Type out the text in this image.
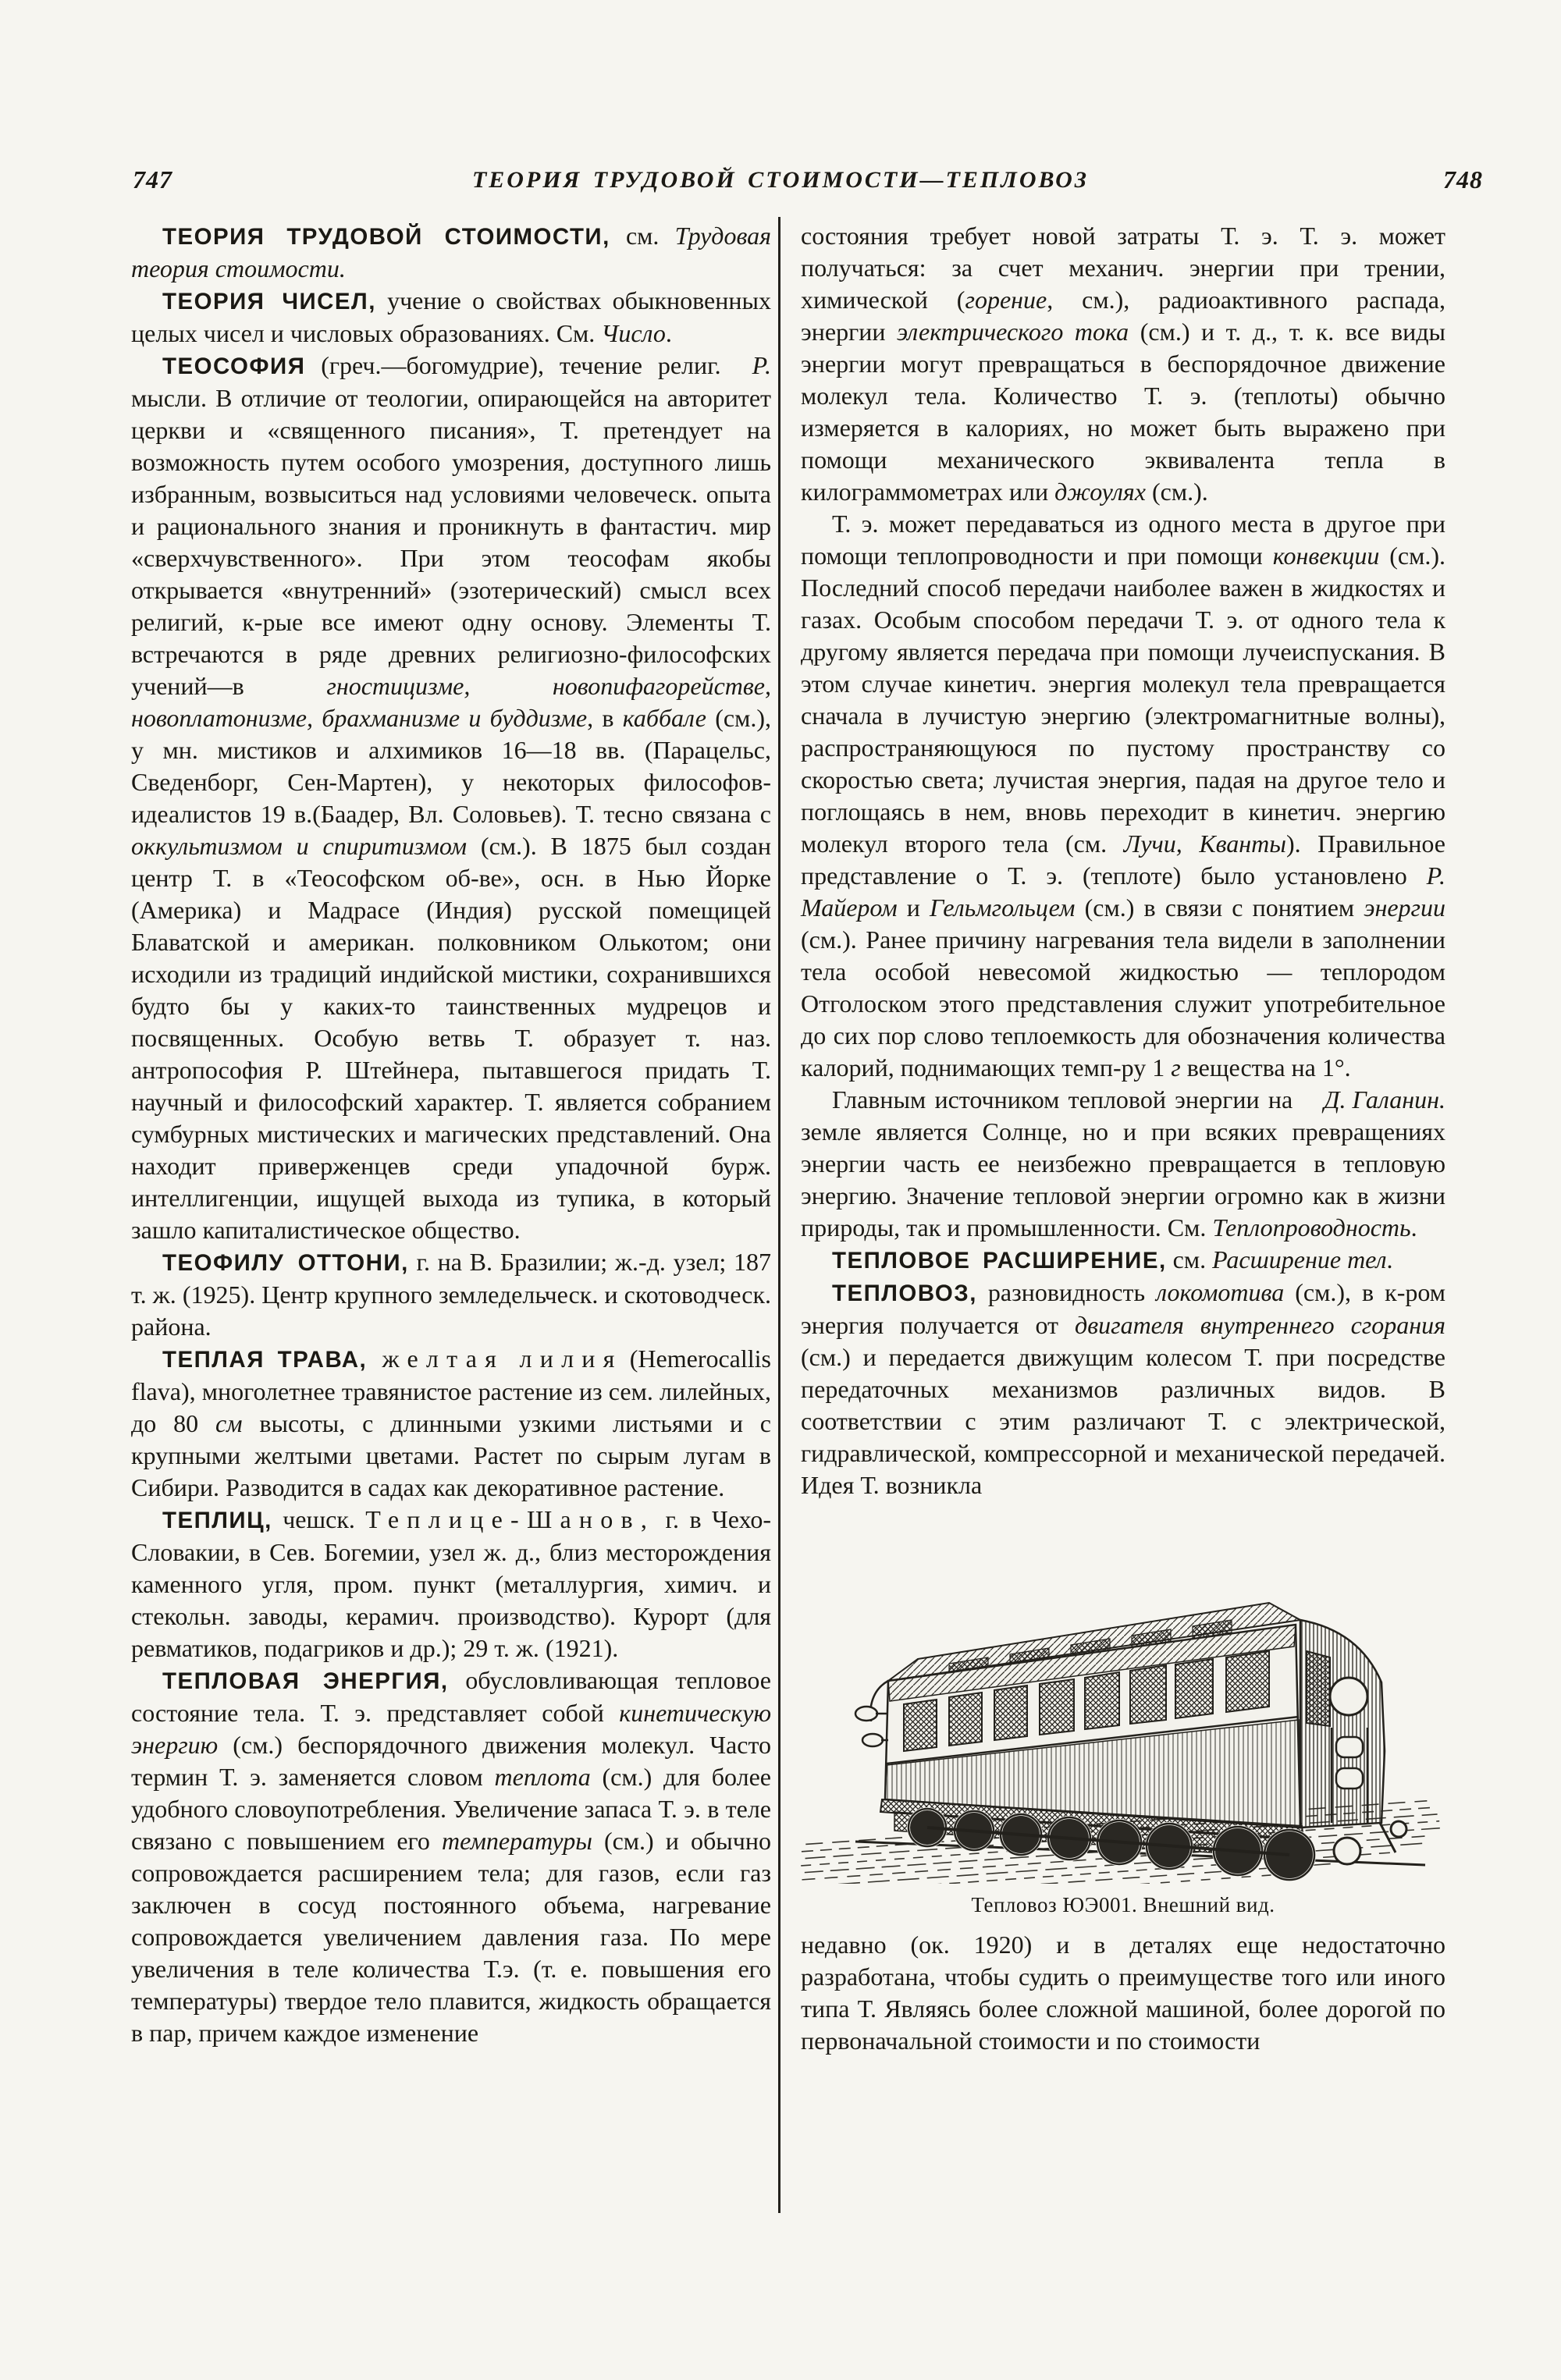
747	ТЕОРИЯ ТРУДОВОЙ СТОИМОСТИ—ТЕПЛОВОЗ	748

ТЕОРИЯ ТРУДОВОЙ СТОИМОСТИ, см. Трудовая теория стоимости.

ТЕОРИЯ ЧИСЕЛ, учение о свойствах обыкновенных целых чисел и числовых образованиях. См. Число.

Р.
ТЕОСОФИЯ (греч.—богомудрие), течение религ. мысли. В отличие от теологии, опирающейся на авторитет церкви и «священного писания», Т. претендует на возможность путем особого умозрения, доступного лишь избранным, возвыситься над условиями человеческ. опыта и рационального знания и проникнуть в фантастич. мир «сверхчувственного». При этом теософам якобы открывается «внутренний» (эзотерический) смысл всех религий, к-рые все имеют одну основу. Элементы Т. встречаются в ряде древних религиозно-философских учений—в гностицизме, новопифагорействе, новоплатонизме, брахманизме и буддизме, в каббале (см.), у мн. мистиков и алхимиков 16—18 вв. (Парацельс, Сведенборг, Сен-Мартен), у некоторых философов-идеалистов 19 в.(Баадер, Вл. Соловьев). Т. тесно связана с оккультизмом и спиритизмом (см.). В 1875 был создан центр Т. в «Теософском об-ве», осн. в Нью Йорке (Америка) и Мадрасе (Индия) русской помещицей Блаватской и американ. полковником Олькотом; они исходили из традиций индийской мистики, сохранившихся будто бы у каких-то таинственных мудрецов и посвященных. Особую ветвь Т. образует т. наз. антропософия Р. Штейнера, пытавшегося придать Т. научный и философский характер. Т. является собранием сумбурных мистических и магических представлений. Она находит приверженцев среди упадочной бурж. интеллигенции, ищущей выхода из тупика, в который зашло капиталистическое общество.

ТЕОФИЛУ ОТТОНИ, г. на В. Бразилии; ж.-д. узел; 187 т. ж. (1925). Центр крупного земледельческ. и скотоводческ. района.

ТЕПЛАЯ ТРАВА, желтая лилия (Hemerocallis flava), многолетнее травянистое растение из сем. лилейных, до 80 см высоты, с длинными узкими листьями и с крупными желтыми цветами. Растет по сырым лугам в Сибири. Разводится в садах как декоративное растение.

ТЕПЛИЦ, чешск. Теплице-Шанов, г. в Чехо-Словакии, в Сев. Богемии, узел ж. д., близ месторождения каменного угля, пром. пункт (металлургия, химич. и стекольн. заводы, керамич. производство). Курорт (для ревматиков, подагриков и др.); 29 т. ж. (1921).

ТЕПЛОВАЯ ЭНЕРГИЯ, обусловливающая тепловое состояние тела. Т. э. представляет собой кинетическую энергию (см.) беспорядочного движения молекул. Часто термин Т. э. заменяется словом теплота (см.) для более удобного словоупотребления. Увеличение запаса Т. э. в теле связано с повышением его температуры (см.) и обычно сопровождается расширением тела; для газов, если газ заключен в сосуд постоянного объема, нагревание сопровождается увеличением давления газа. По мере увеличения в теле количества Т.э. (т. е. повышения его температуры) твердое тело плавится, жидкость обращается в пар, причем каждое изменение

состояния требует новой затраты Т. э. Т. э. может получаться: за счет механич. энергии при трении, химической (горение, см.), радиоактивного распада, энергии электрического тока (см.) и т. д., т. к. все виды энергии могут превращаться в беспорядочное движение молекул тела. Количество Т. э. (теплоты) обычно измеряется в калориях, но может быть выражено при помощи механического эквивалента тепла в килограммометрах или джоулях (см.).

Т. э. может передаваться из одного места в другое при помощи теплопроводности и при помощи конвекции (см.). Последний способ передачи наиболее важен в жидкостях и газах. Особым способом передачи Т. э. от одного тела к другому является передача при помощи лучеиспускания. В этом случае кинетич. энергия молекул тела превращается сначала в лучистую энергию (электромагнитные волны), распространяющуюся по пустому пространству со скоростью света; лучистая энергия, падая на другое тело и поглощаясь в нем, вновь переходит в кинетич. энергию молекул второго тела (см. Лучи, Кванты). Правильное представление о Т. э. (теплоте) было установлено Р. Майером и Гельмгольцем (см.) в связи с понятием энергии (см.). Ранее причину нагревания тела видели в заполнении тела особой невесомой жидкостью — теплородом Отголоском этого представления служит употребительное до сих пор слово теплоемкость для обозначения количества калорий, поднимающих темп-ру 1 г вещества на 1°.

Д. Галанин.
Главным источником тепловой энергии на земле является Солнце, но и при всяких превращениях энергии часть ее неизбежно превращается в тепловую энергию. Значение тепловой энергии огромно как в жизни природы, так и промышленности. См. Теплопроводность.

ТЕПЛОВОЕ РАСШИРЕНИЕ, см. Расширение тел.

ТЕПЛОВОЗ, разновидность локомотива (см.), в к-ром энергия получается от двигателя внутреннего сгорания (см.) и передается движущим колесом Т. при посредстве передаточных механизмов различных видов. В соответствии с этим различают Т. с электрической, гидравлической, компрессорной и механической передачей. Идея Т. возникла

Тепловоз ЮЭ001. Внешний вид.

недавно (ок. 1920) и в деталях еще недостаточно разработана, чтобы судить о преимуществе того или иного типа Т. Являясь более сложной машиной, более дорогой по первоначальной стоимости и по стоимости
